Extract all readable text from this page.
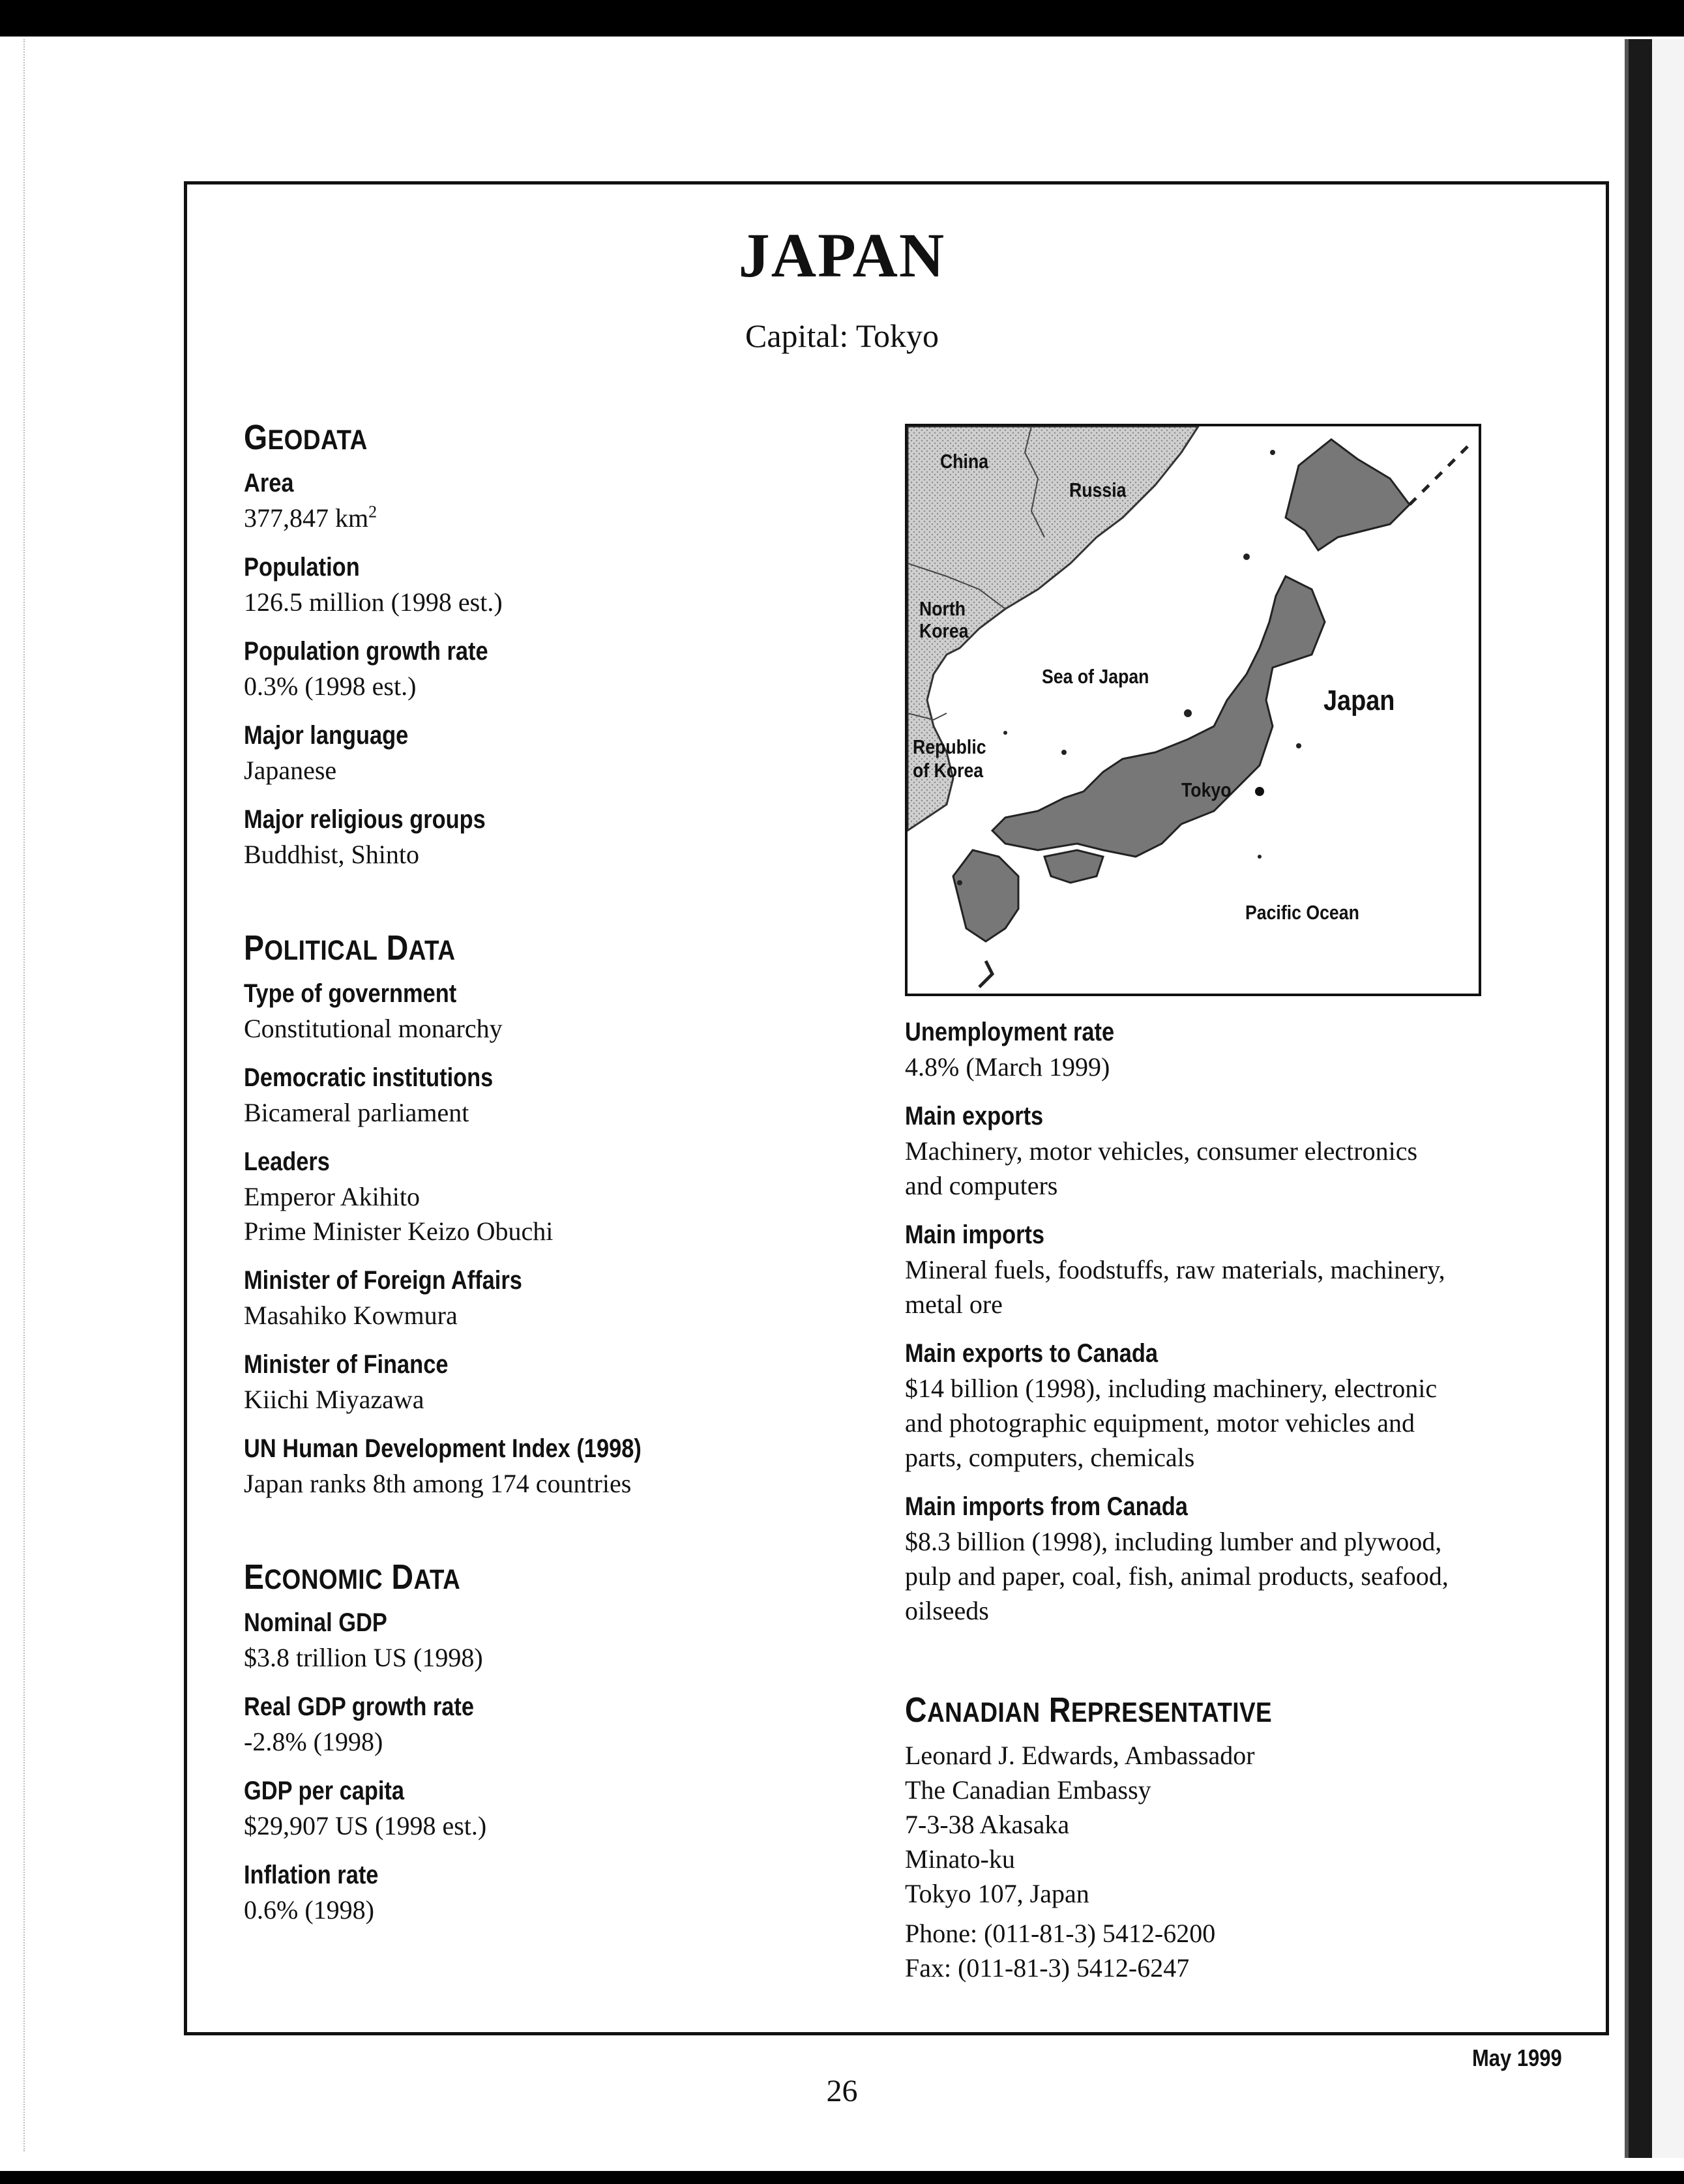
JAPAN
Capital: Tokyo
GEODATA
Area
377,847 $km^2$
Population
126.5 million (1998 est.)
Population growth rate
0.3% (1998 est.)
Major language
Japanese
Major religious groups
Buddhist, Shinto
POLITICAL DATA
Type of government
Constitutional monarchy
Democratic institutions
Bicameral parliament
Leaders
Emperor Akihito
Prime Minister Keizo Obuchi
Minister of Foreign Affairs
Masahiko Kowmura
Minister of Finance
Kiichi Miyazawa
UN Human Development Index (1998)
Japan ranks 8th among 174 countries
ECONOMIC DATA
Nominal GDP
$3.8 trillion US (1998)
Real GDP growth rate
-2.8% (1998)
GDP per capita
$29,907 US (1998 est.)
Inflation rate
0.6% (1998)
China
Russia
North
Korea
Sea of Japan
Japan
Republic
of Korea
Tokyo
Pacific Ocean
Unemployment rate
4.8% (March 1999)
Main exports
Machinery, motor vehicles, consumer electronics
and computers
Main imports
Mineral fuels, foodstuffs, raw materials, machinery,
metal ore
Main exports to Canada
$14 billion (1998), including machinery, electronic
and photographic equipment, motor vehicles and
parts, computers, chemicals
Main imports from Canada
$8.3 billion (1998), including lumber and plywood,
pulp and paper, coal, fish, animal products, seafood,
oilseeds
CANADIAN REPRESENTATIVE
Leonard J. Edwards, Ambassador
The Canadian Embassy
7-3-38 Akasaka
Minato-ku
Tokyo 107, Japan
Phone: (011-81-3) 5412-6200
Fax: (011-81-3) 5412-6247
May 1999
26
